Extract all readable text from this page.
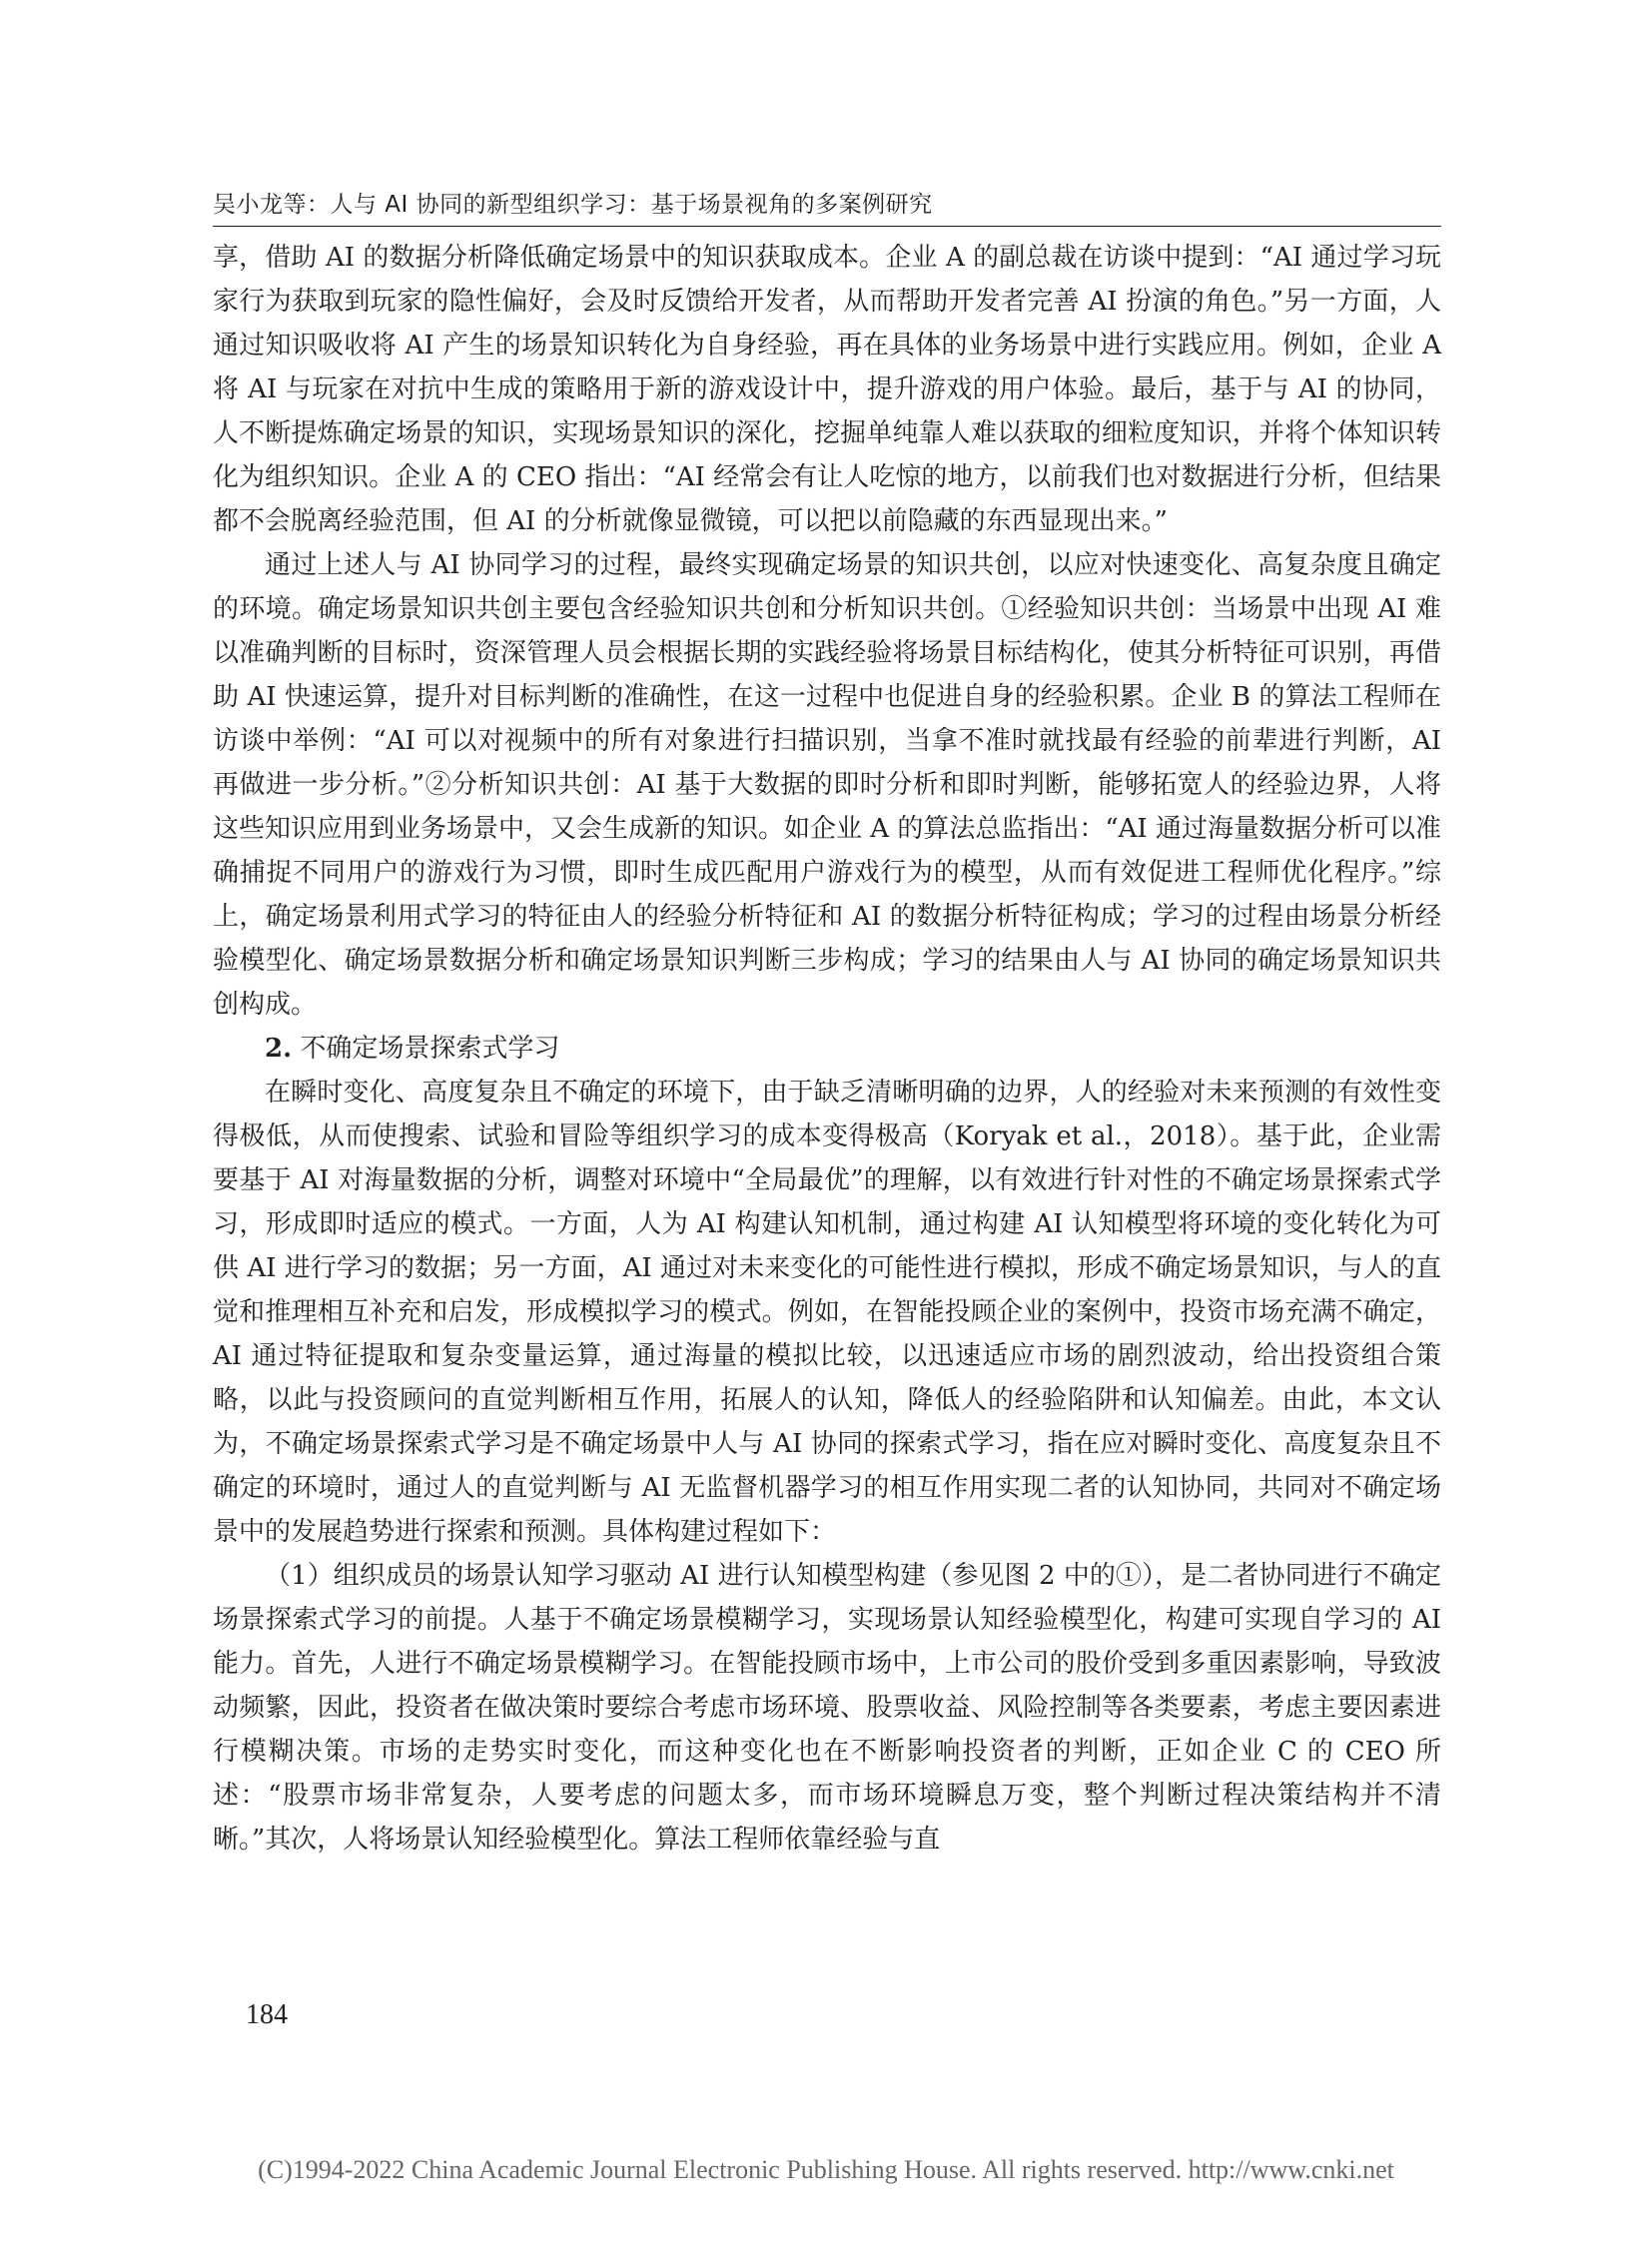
吴小龙等：人与 AI 协同的新型组织学习：基于场景视角的多案例研究

享，借助 AI 的数据分析降低确定场景中的知识获取成本。企业 A 的副总裁在访谈中提到：“AI 通过学习玩家行为获取到玩家的隐性偏好，会及时反馈给开发者，从而帮助开发者完善 AI 扮演的角色。”另一方面，人通过知识吸收将 AI 产生的场景知识转化为自身经验，再在具体的业务场景中进行实践应用。例如，企业 A 将 AI 与玩家在对抗中生成的策略用于新的游戏设计中，提升游戏的用户体验。最后，基于与 AI 的协同，人不断提炼确定场景的知识，实现场景知识的深化，挖掘单纯靠人难以获取的细粒度知识，并将个体知识转化为组织知识。企业 A 的 CEO 指出：“AI 经常会有让人吃惊的地方，以前我们也对数据进行分析，但结果都不会脱离经验范围，但 AI 的分析就像显微镜，可以把以前隐藏的东西显现出来。”

通过上述人与 AI 协同学习的过程，最终实现确定场景的知识共创，以应对快速变化、高复杂度且确定的环境。确定场景知识共创主要包含经验知识共创和分析知识共创。①经验知识共创：当场景中出现 AI 难以准确判断的目标时，资深管理人员会根据长期的实践经验将场景目标结构化，使其分析特征可识别，再借助 AI 快速运算，提升对目标判断的准确性，在这一过程中也促进自身的经验积累。企业 B 的算法工程师在访谈中举例：“AI 可以对视频中的所有对象进行扫描识别，当拿不准时就找最有经验的前辈进行判断，AI 再做进一步分析。”②分析知识共创：AI 基于大数据的即时分析和即时判断，能够拓宽人的经验边界，人将这些知识应用到业务场景中，又会生成新的知识。如企业 A 的算法总监指出：“AI 通过海量数据分析可以准确捕捉不同用户的游戏行为习惯，即时生成匹配用户游戏行为的模型，从而有效促进工程师优化程序。”综上，确定场景利用式学习的特征由人的经验分析特征和 AI 的数据分析特征构成；学习的过程由场景分析经验模型化、确定场景数据分析和确定场景知识判断三步构成；学习的结果由人与 AI 协同的确定场景知识共创构成。

2. 不确定场景探索式学习

在瞬时变化、高度复杂且不确定的环境下，由于缺乏清晰明确的边界，人的经验对未来预测的有效性变得极低，从而使搜索、试验和冒险等组织学习的成本变得极高（Koryak et al.，2018）。基于此，企业需要基于 AI 对海量数据的分析，调整对环境中“全局最优”的理解，以有效进行针对性的不确定场景探索式学习，形成即时适应的模式。一方面，人为 AI 构建认知机制，通过构建 AI 认知模型将环境的变化转化为可供 AI 进行学习的数据；另一方面，AI 通过对未来变化的可能性进行模拟，形成不确定场景知识，与人的直觉和推理相互补充和启发，形成模拟学习的模式。例如，在智能投顾企业的案例中，投资市场充满不确定，AI 通过特征提取和复杂变量运算，通过海量的模拟比较，以迅速适应市场的剧烈波动，给出投资组合策略，以此与投资顾问的直觉判断相互作用，拓展人的认知，降低人的经验陷阱和认知偏差。由此，本文认为，不确定场景探索式学习是不确定场景中人与 AI 协同的探索式学习，指在应对瞬时变化、高度复杂且不确定的环境时，通过人的直觉判断与 AI 无监督机器学习的相互作用实现二者的认知协同，共同对不确定场景中的发展趋势进行探索和预测。具体构建过程如下：

（1）组织成员的场景认知学习驱动 AI 进行认知模型构建（参见图 2 中的①），是二者协同进行不确定场景探索式学习的前提。人基于不确定场景模糊学习，实现场景认知经验模型化，构建可实现自学习的 AI 能力。首先，人进行不确定场景模糊学习。在智能投顾市场中，上市公司的股价受到多重因素影响，导致波动频繁，因此，投资者在做决策时要综合考虑市场环境、股票收益、风险控制等各类要素，考虑主要因素进行模糊决策。市场的走势实时变化，而这种变化也在不断影响投资者的判断，正如企业 C 的 CEO 所述：“股票市场非常复杂，人要考虑的问题太多，而市场环境瞬息万变，整个判断过程决策结构并不清晰。”其次，人将场景认知经验模型化。算法工程师依靠经验与直

184
(C)1994-2022 China Academic Journal Electronic Publishing House. All rights reserved. http://www.cnki.net
